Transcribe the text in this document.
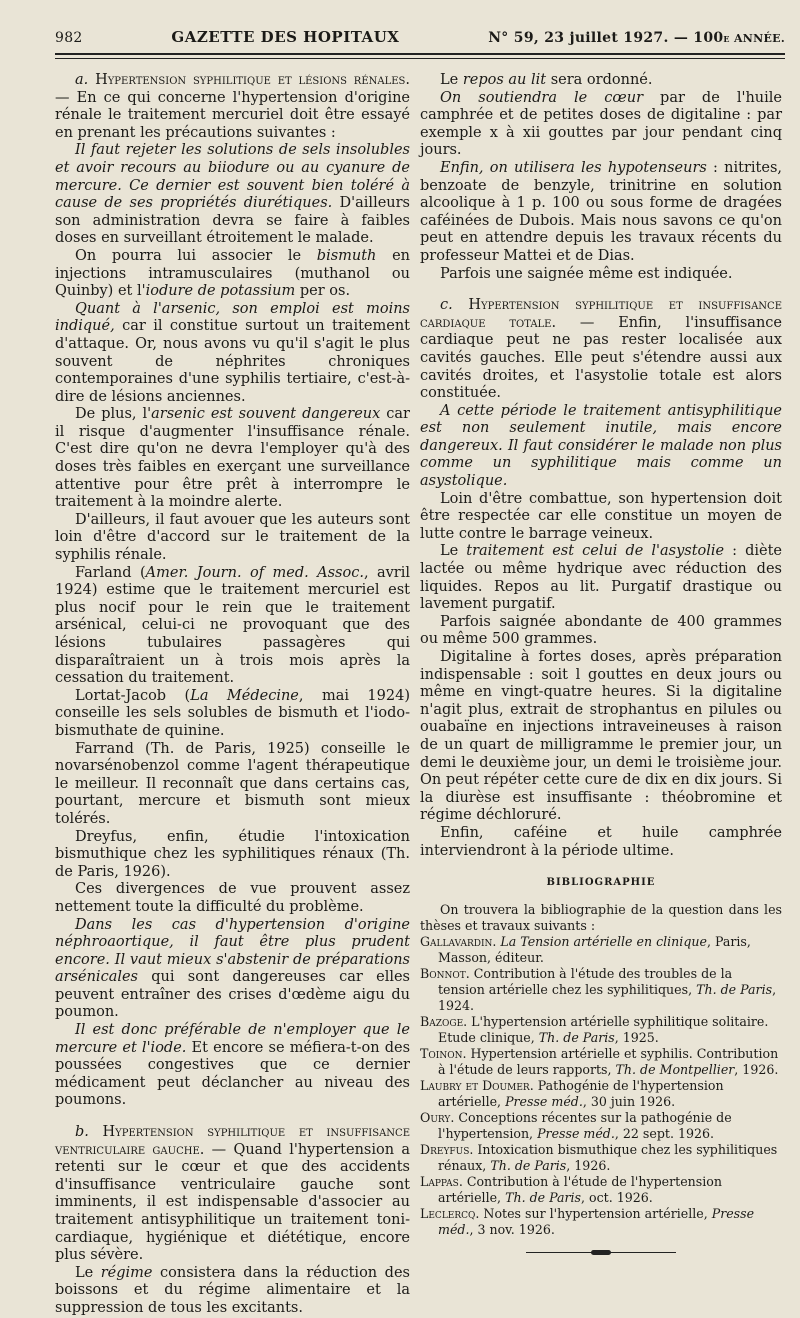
982	GAZETTE DES HOPITAUX	N° 59, 23 juillet 1927. — 100e ANNÉE.

a. Hypertension syphilitique et lésions rénales. — En ce qui concerne l'hypertension d'origine rénale le traitement mercuriel doit être essayé en prenant les précautions suivantes :

Il faut rejeter les solutions de sels insolubles et avoir recours au biiodure ou au cyanure de mercure. Ce dernier est souvent bien toléré à cause de ses propriétés diurétiques. D'ailleurs son administration devra se faire à faibles doses en surveillant étroitement le malade.

On pourra lui associer le bismuth en injections intramusculaires (muthanol ou Quinby) et l'iodure de potassium per os.

Quant à l'arsenic, son emploi est moins indiqué, car il constitue surtout un traitement d'attaque. Or, nous avons vu qu'il s'agit le plus souvent de néphrites chroniques contemporaines d'une syphilis tertiaire, c'est-à-dire de lésions anciennes.

De plus, l'arsenic est souvent dangereux car il risque d'augmenter l'insuffisance rénale. C'est dire qu'on ne devra l'employer qu'à des doses très faibles en exerçant une surveillance attentive pour être prêt à interrompre le traitement à la moindre alerte.

D'ailleurs, il faut avouer que les auteurs sont loin d'être d'accord sur le traitement de la syphilis rénale.

Farland (Amer. Journ. of med. Assoc., avril 1924) estime que le traitement mercuriel est plus nocif pour le rein que le traitement arsénical, celui-ci ne provoquant que des lésions tubulaires passagères qui disparaîtraient un à trois mois après la cessation du traitement.

Lortat-Jacob (La Médecine, mai 1924) conseille les sels solubles de bismuth et l'iodo-bismuthate de quinine.

Farrand (Th. de Paris, 1925) conseille le novarsénobenzol comme l'agent thérapeutique le meilleur. Il reconnaît que dans certains cas, pourtant, mercure et bismuth sont mieux tolérés.

Dreyfus, enfin, étudie l'intoxication bismuthique chez les syphilitiques rénaux (Th. de Paris, 1926).

Ces divergences de vue prouvent assez nettement toute la difficulté du problème.

Dans les cas d'hypertension d'origine néphroaortique, il faut être plus prudent encore. Il vaut mieux s'abstenir de préparations arsénicales qui sont dangereuses car elles peuvent entraîner des crises d'œdème aigu du poumon.

Il est donc préférable de n'employer que le mercure et l'iode. Et encore se méfiera-t-on des poussées congestives que ce dernier médicament peut déclancher au niveau des poumons.

b. Hypertension syphilitique et insuffisance ventriculaire gauche. — Quand l'hypertension a retenti sur le cœur et que des accidents d'insuffisance ventriculaire gauche sont imminents, il est indispensable d'associer au traitement antisyphilitique un traitement toni-cardiaque, hygiénique et diététique, encore plus sévère.

Le régime consistera dans la réduction des boissons et du régime alimentaire et la suppression de tous les excitants.

Le repos au lit sera ordonné.

On soutiendra le cœur par de l'huile camphrée et de petites doses de digitaline : par exemple x à xii gouttes par jour pendant cinq jours.

Enfin, on utilisera les hypotenseurs : nitrites, benzoate de benzyle, trinitrine en solution alcoolique à 1 p. 100 ou sous forme de dragées caféinées de Dubois. Mais nous savons ce qu'on peut en attendre depuis les travaux récents du professeur Mattei et de Dias.

Parfois une saignée même est indiquée.

c. Hypertension syphilitique et insuffisance cardiaque totale. — Enfin, l'insuffisance cardiaque peut ne pas rester localisée aux cavités gauches. Elle peut s'étendre aussi aux cavités droites, et l'asystolie totale est alors constituée.

A cette période le traitement antisyphilitique est non seulement inutile, mais encore dangereux. Il faut considérer le malade non plus comme un syphilitique mais comme un asystolique.

Loin d'être combattue, son hypertension doit être respectée car elle constitue un moyen de lutte contre le barrage veineux.

Le traitement est celui de l'asystolie : diète lactée ou même hydrique avec réduction des liquides. Repos au lit. Purgatif drastique ou lavement purgatif.

Parfois saignée abondante de 400 grammes ou même 500 grammes.

Digitaline à fortes doses, après préparation indispensable : soit l gouttes en deux jours ou même en vingt-quatre heures. Si la digitaline n'agit plus, extrait de strophantus en pilules ou ouabaïne en injections intraveineuses à raison de un quart de milligramme le premier jour, un demi le deuxième jour, un demi le troisième jour. On peut répéter cette cure de dix en dix jours. Si la diurèse est insuffisante : théobromine et régime déchloruré.

Enfin, caféine et huile camphrée interviendront à la période ultime.

BIBLIOGRAPHIE

On trouvera la bibliographie de la question dans les thèses et travaux suivants :

Gallavardin. La Tension artérielle en clinique, Paris, Masson, éditeur.
Bonnot. Contribution à l'étude des troubles de la tension artérielle chez les syphilitiques, Th. de Paris, 1924.
Bazoge. L'hypertension artérielle syphilitique solitaire. Etude clinique, Th. de Paris, 1925.
Toinon. Hypertension artérielle et syphilis. Contribution à l'étude de leurs rapports, Th. de Montpellier, 1926.
Laubry et Doumer. Pathogénie de l'hypertension artérielle, Presse méd., 30 juin 1926.
Oury. Conceptions récentes sur la pathogénie de l'hypertension, Presse méd., 22 sept. 1926.
Dreyfus. Intoxication bismuthique chez les syphilitiques rénaux, Th. de Paris, 1926.
Lappas. Contribution à l'étude de l'hypertension artérielle, Th. de Paris, oct. 1926.
Leclercq. Notes sur l'hypertension artérielle, Presse méd., 3 nov. 1926.
